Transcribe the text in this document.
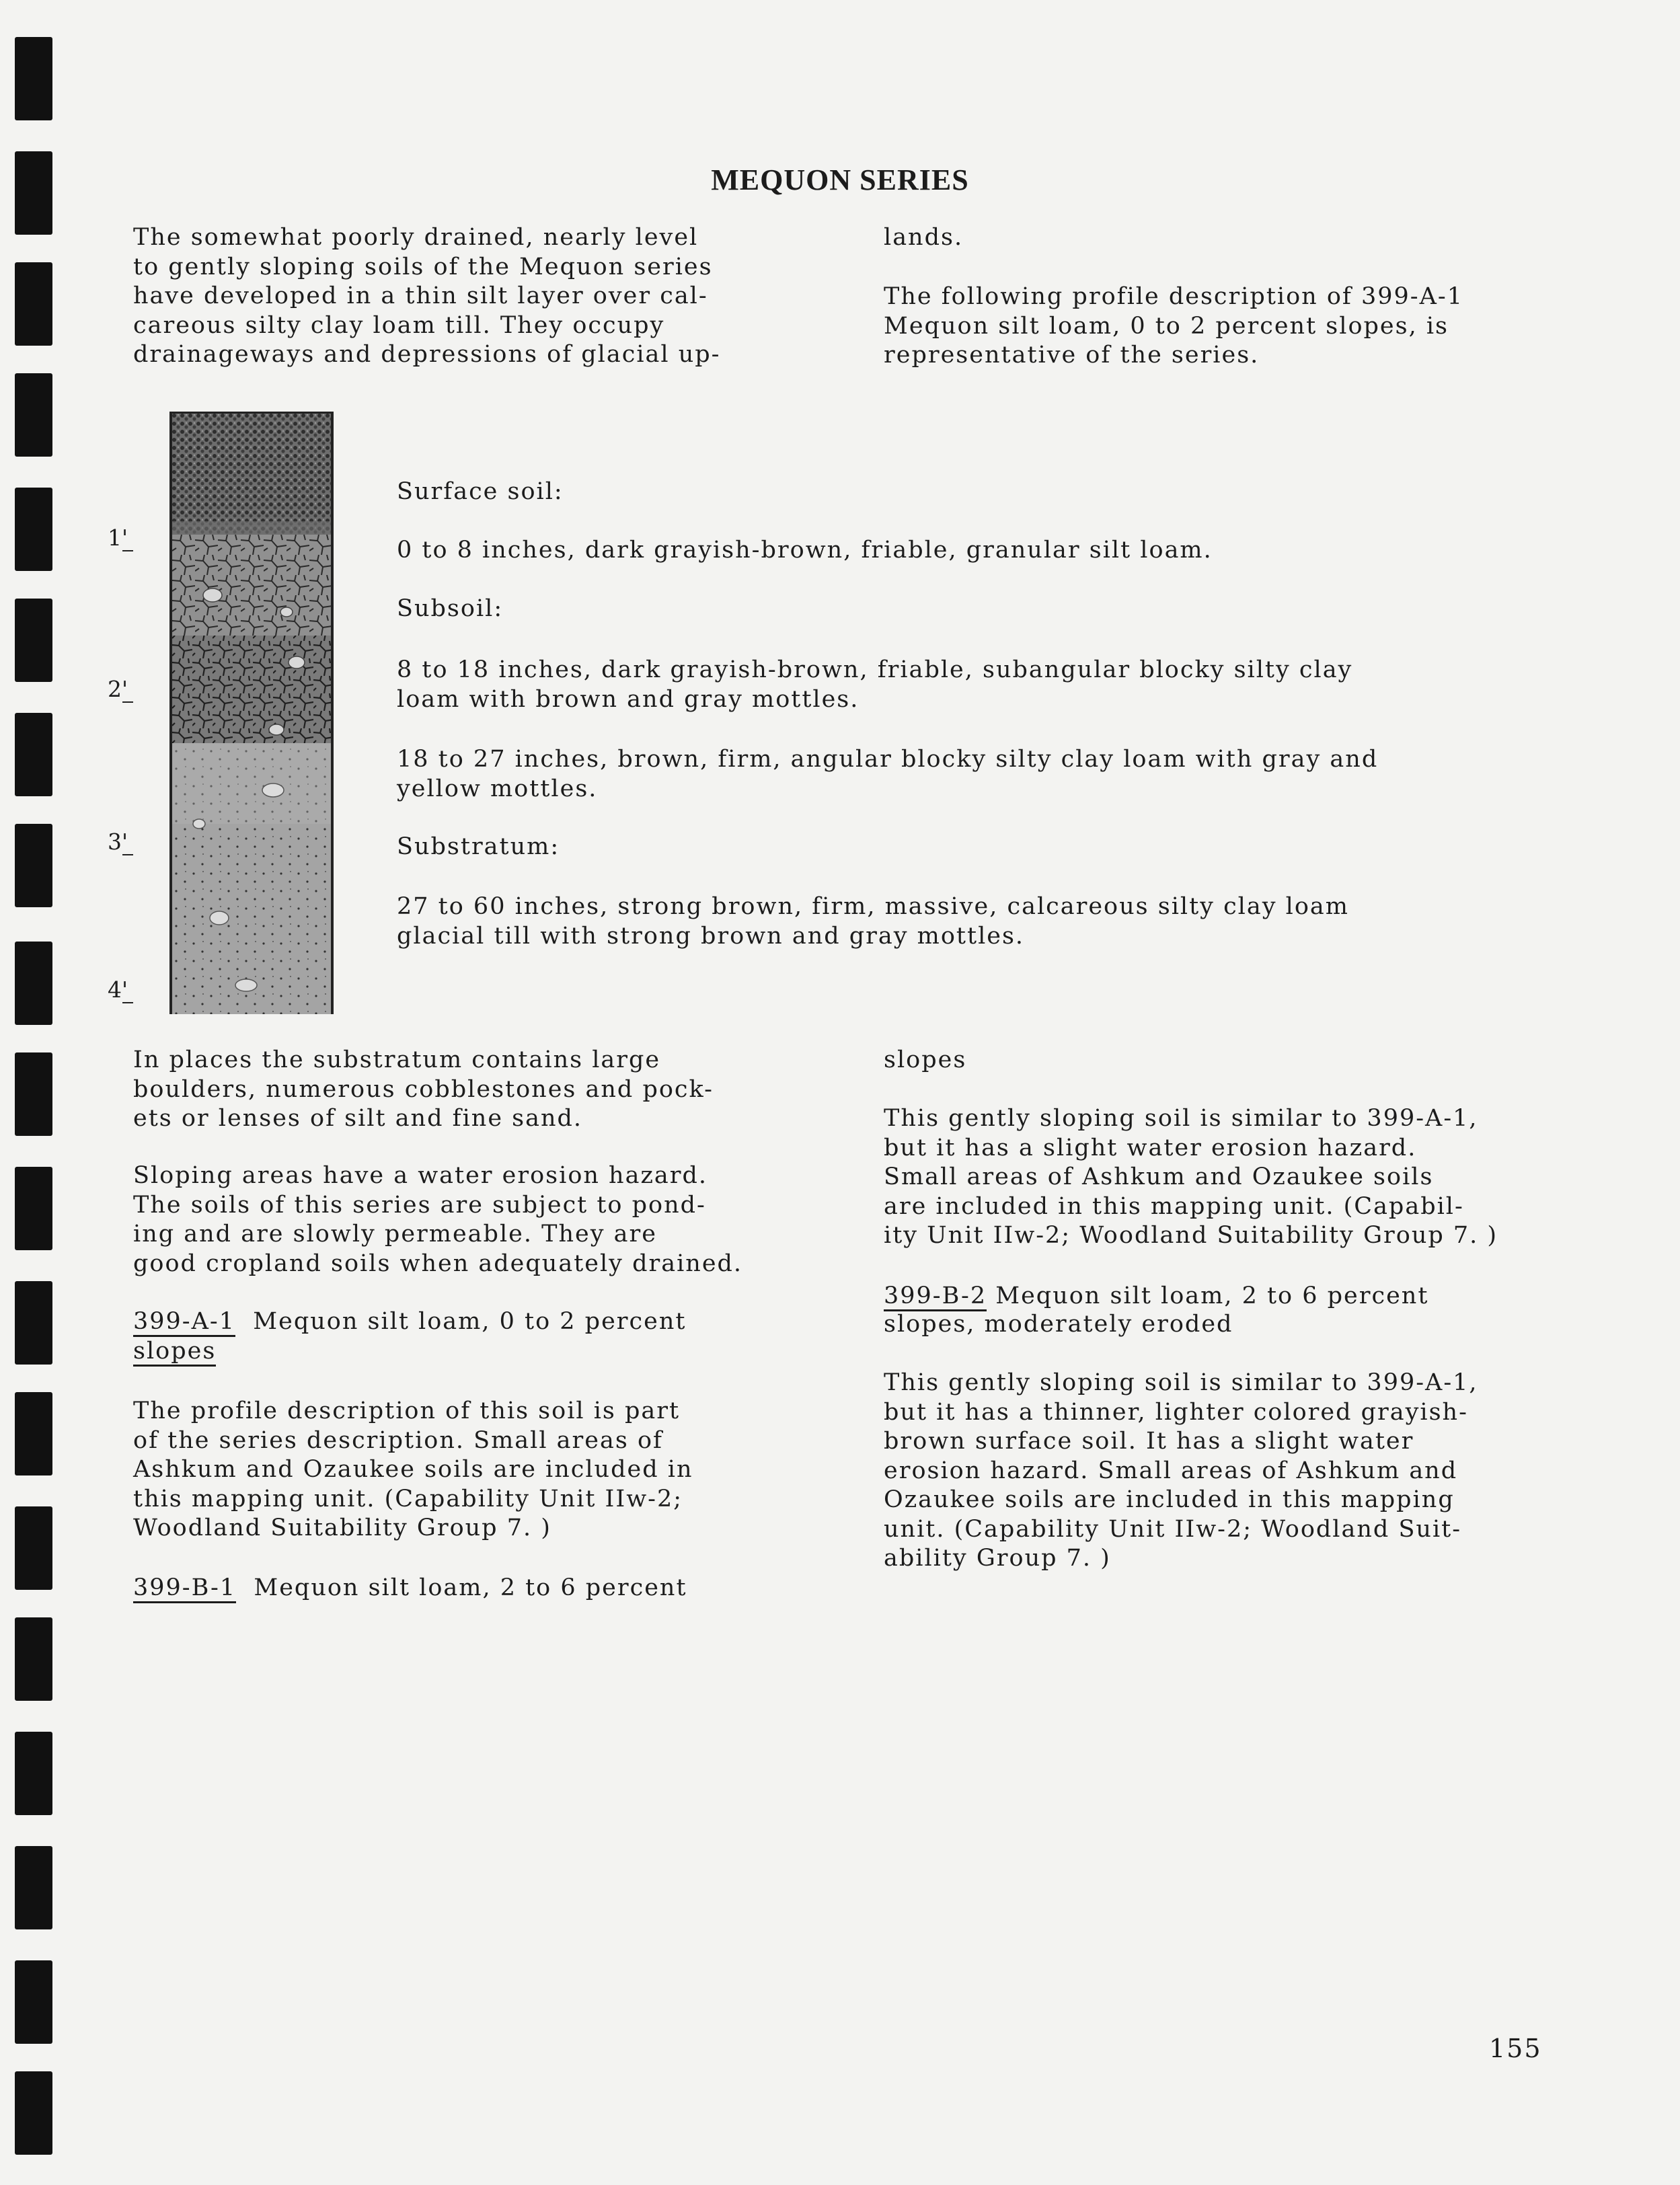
MEQUON SERIES

The somewhat poorly drained, nearly level
to gently sloping soils of the Mequon series
have developed in a thin silt layer over cal-
careous silty clay loam till. They occupy
drainageways and depressions of glacial up-

lands.

The following profile description of 399-A-1
Mequon silt loam, 0 to 2 percent slopes, is
representative of the series.

1'
2'
3'
4'

Surface soil:

0 to 8 inches, dark grayish-brown, friable, granular silt loam.

Subsoil:

8 to 18 inches, dark grayish-brown, friable, subangular blocky silty clay
loam with brown and gray mottles.

18 to 27 inches, brown, firm, angular blocky silty clay loam with gray and
yellow mottles.

Substratum:

27 to 60 inches, strong brown, firm, massive, calcareous silty clay loam
glacial till with strong brown and gray mottles.

In places the substratum contains large
boulders, numerous cobblestones and pock-
ets or lenses of silt and fine sand.

Sloping areas have a water erosion hazard.
The soils of this series are subject to pond-
ing and are slowly permeable. They are
good cropland soils when adequately drained.

399-A-1  Mequon silt loam, 0 to 2 percent
slopes

The profile description of this soil is part
of the series description. Small areas of
Ashkum and Ozaukee soils are included in
this mapping unit. (Capability Unit IIw-2;
Woodland Suitability Group 7. )

399-B-1  Mequon silt loam, 2 to 6 percent

slopes

This gently sloping soil is similar to 399-A-1,
but it has a slight water erosion hazard.
Small areas of Ashkum and Ozaukee soils
are included in this mapping unit. (Capabil-
ity Unit IIw-2; Woodland Suitability Group 7. )

399-B-2 Mequon silt loam, 2 to 6 percent

slopes, moderately eroded

This gently sloping soil is similar to 399-A-1,
but it has a thinner, lighter colored grayish-
brown surface soil. It has a slight water
erosion hazard. Small areas of Ashkum and
Ozaukee soils are included in this mapping
unit. (Capability Unit IIw-2; Woodland Suit-
ability Group 7. )

155
